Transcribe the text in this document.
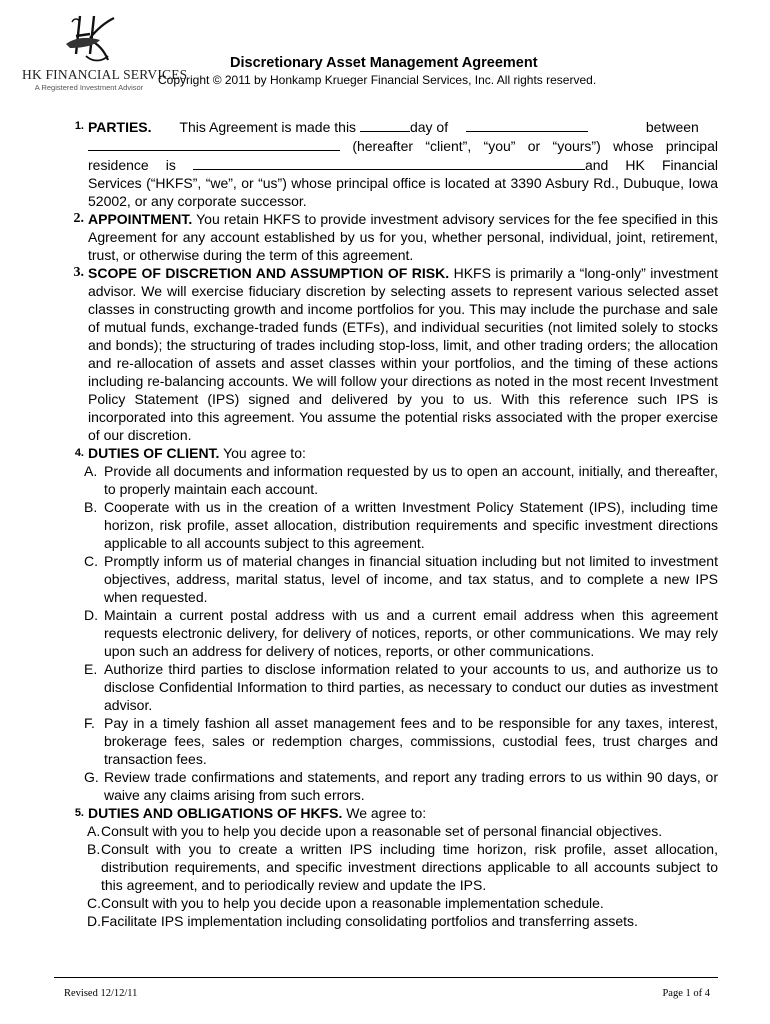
HK FINANCIAL SERVICES
A Registered Investment Advisor
Discretionary Asset Management Agreement
Copyright © 2011 by Honkamp Krueger Financial Services, Inc. All rights reserved.
1. PARTIES. This Agreement is made this	day of	between
(hereafter “client”, “you” or “yours”) whose principal residence is	and HK Financial Services (“HKFS”, “we”, or “us”) whose principal office is located at 3390 Asbury Rd., Dubuque, Iowa 52002, or any corporate successor.
2. APPOINTMENT. You retain HKFS to provide investment advisory services for the fee specified in this Agreement for any account established by us for you, whether personal, individual, joint, retirement, trust, or otherwise during the term of this agreement.
3. SCOPE OF DISCRETION AND ASSUMPTION OF RISK. HKFS is primarily a “long-only” investment advisor. We will exercise fiduciary discretion by selecting assets to represent various selected asset classes in constructing growth and income portfolios for you. This may include the purchase and sale of mutual funds, exchange-traded funds (ETFs), and individual securities (not limited solely to stocks and bonds); the structuring of trades including stop-loss, limit, and other trading orders; the allocation and re-allocation of assets and asset classes within your portfolios, and the timing of these actions including re-balancing accounts. We will follow your directions as noted in the most recent Investment Policy Statement (IPS) signed and delivered by you to us. With this reference such IPS is incorporated into this agreement. You assume the potential risks associated with the proper exercise of our discretion.
4. DUTIES OF CLIENT. You agree to:
A. Provide all documents and information requested by us to open an account, initially, and thereafter, to properly maintain each account.
B. Cooperate with us in the creation of a written Investment Policy Statement (IPS), including time horizon, risk profile, asset allocation, distribution requirements and specific investment directions applicable to all accounts subject to this agreement.
C. Promptly inform us of material changes in financial situation including but not limited to investment objectives, address, marital status, level of income, and tax status, and to complete a new IPS when requested.
D. Maintain a current postal address with us and a current email address when this agreement requests electronic delivery, for delivery of notices, reports, or other communications. We may rely upon such an address for delivery of notices, reports, or other communications.
E. Authorize third parties to disclose information related to your accounts to us, and authorize us to disclose Confidential Information to third parties, as necessary to conduct our duties as investment advisor.
F. Pay in a timely fashion all asset management fees and to be responsible for any taxes, interest, brokerage fees, sales or redemption charges, commissions, custodial fees, trust charges and transaction fees.
G. Review trade confirmations and statements, and report any trading errors to us within 90 days, or waive any claims arising from such errors.
5. DUTIES AND OBLIGATIONS OF HKFS. We agree to:
A. Consult with you to help you decide upon a reasonable set of personal financial objectives.
B. Consult with you to create a written IPS including time horizon, risk profile, asset allocation, distribution requirements, and specific investment directions applicable to all accounts subject to this agreement, and to periodically review and update the IPS.
C. Consult with you to help you decide upon a reasonable implementation schedule.
D. Facilitate IPS implementation including consolidating portfolios and transferring assets.
Revised 12/12/11	Page 1 of 4
